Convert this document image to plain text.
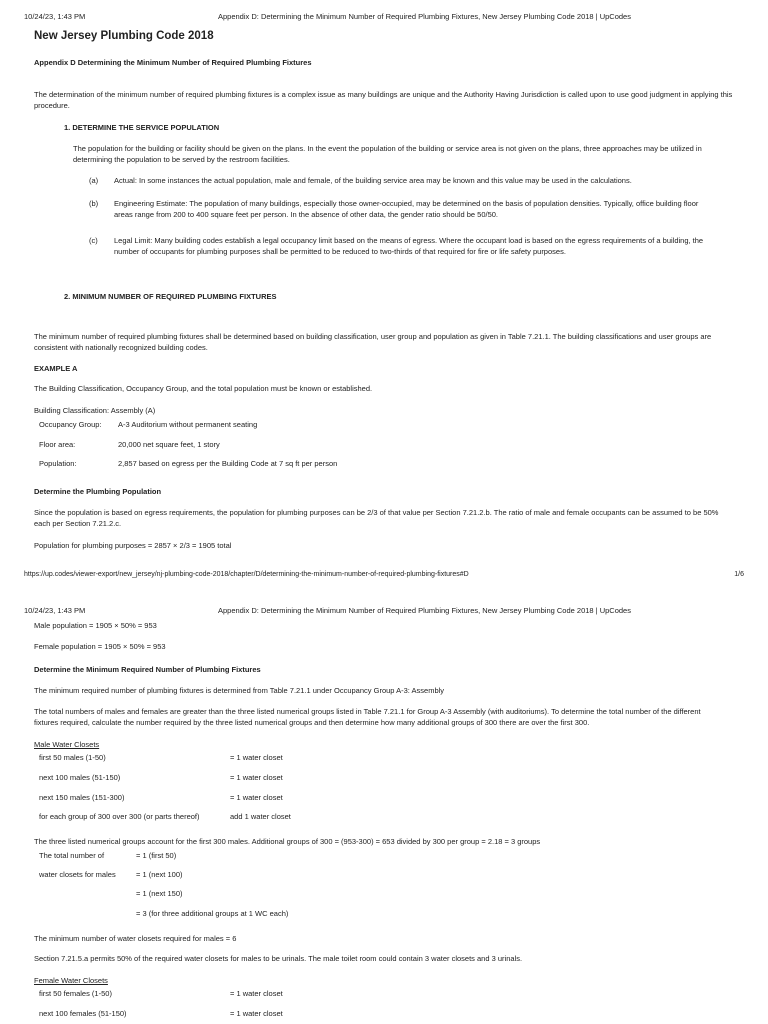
10/24/23, 1:43 PM	Appendix D: Determining the Minimum Number of Required Plumbing Fixtures, New Jersey Plumbing Code 2018 | UpCodes
New Jersey Plumbing Code 2018
Appendix D Determining the Minimum Number of Required Plumbing Fixtures
The determination of the minimum number of required plumbing fixtures is a complex issue as many buildings are unique and the Authority Having Jurisdiction is called upon to use good judgment in applying this procedure.
1. DETERMINE THE SERVICE POPULATION
The population for the building or facility should be given on the plans. In the event the population of the building or service area is not given on the plans, three approaches may be utilized in determining the population to be served by the restroom facilities.
(a) Actual: In some instances the actual population, male and female, of the building service area may be known and this value may be used in the calculations.
(b) Engineering Estimate: The population of many buildings, especially those owner-occupied, may be determined on the basis of population densities. Typically, office building floor areas range from 200 to 400 square feet per person. In the absence of other data, the gender ratio should be 50/50.
(c) Legal Limit: Many building codes establish a legal occupancy limit based on the means of egress. Where the occupant load is based on the egress requirements of a building, the number of occupants for plumbing purposes shall be permitted to be reduced to two-thirds of that required for fire or life safety purposes.
2. MINIMUM NUMBER OF REQUIRED PLUMBING FIXTURES
The minimum number of required plumbing fixtures shall be determined based on building classification, user group and population as given in Table 7.21.1. The building classifications and user groups are consistent with nationally recognized building codes.
EXAMPLE A
The Building Classification, Occupancy Group, and the total population must be known or established.
Building Classification: Assembly (A)
Occupancy Group: A-3 Auditorium without permanent seating
Floor area:	20,000 net square feet, 1 story
Population:	2,857 based on egress per the Building Code at 7 sq ft per person
Determine the Plumbing Population
Since the population is based on egress requirements, the population for plumbing purposes can be 2/3 of that value per Section 7.21.2.b. The ratio of male and female occupants can be assumed to be 50% each per Section 7.21.2.c.
Population for plumbing purposes = 2857 × 2/3 = 1905 total
https://up.codes/viewer-export/new_jersey/nj-plumbing-code-2018/chapter/D/determining-the-minimum-number-of-required-plumbing-fixtures#D	1/6
10/24/23, 1:43 PM	Appendix D: Determining the Minimum Number of Required Plumbing Fixtures, New Jersey Plumbing Code 2018 | UpCodes
Male population = 1905 × 50% = 953
Female population = 1905 × 50% = 953
Determine the Minimum Required Number of Plumbing Fixtures
The minimum required number of plumbing fixtures is determined from Table 7.21.1 under Occupancy Group A-3: Assembly
The total numbers of males and females are greater than the three listed numerical groups listed in Table 7.21.1 for Group A-3 Assembly (with auditoriums). To determine the total number of the different fixtures required, calculate the number required by the three listed numerical groups and then determine how many additional groups of 300 there are over the first 300.
Male Water Closets
first 50 males (1-50)	= 1 water closet
next 100 males (51-150)	= 1 water closet
next 150 males (151-300)	= 1 water closet
for each group of 300 over 300 (or parts thereof)	add 1 water closet
The three listed numerical groups account for the first 300 males. Additional groups of 300 = (953-300) = 653 divided by 300 per group = 2.18 = 3 groups
The total number of	= 1 (first 50)
water closets for males	= 1 (next 100)
= 1 (next 150)
= 3 (for three additional groups at 1 WC each)
The minimum number of water closets required for males = 6
Section 7.21.5.a permits 50% of the required water closets for males to be urinals. The male toilet room could contain 3 water closets and 3 urinals.
Female Water Closets
first 50 females (1-50)	= 1 water closet
next 100 females (51-150)	= 1 water closet
